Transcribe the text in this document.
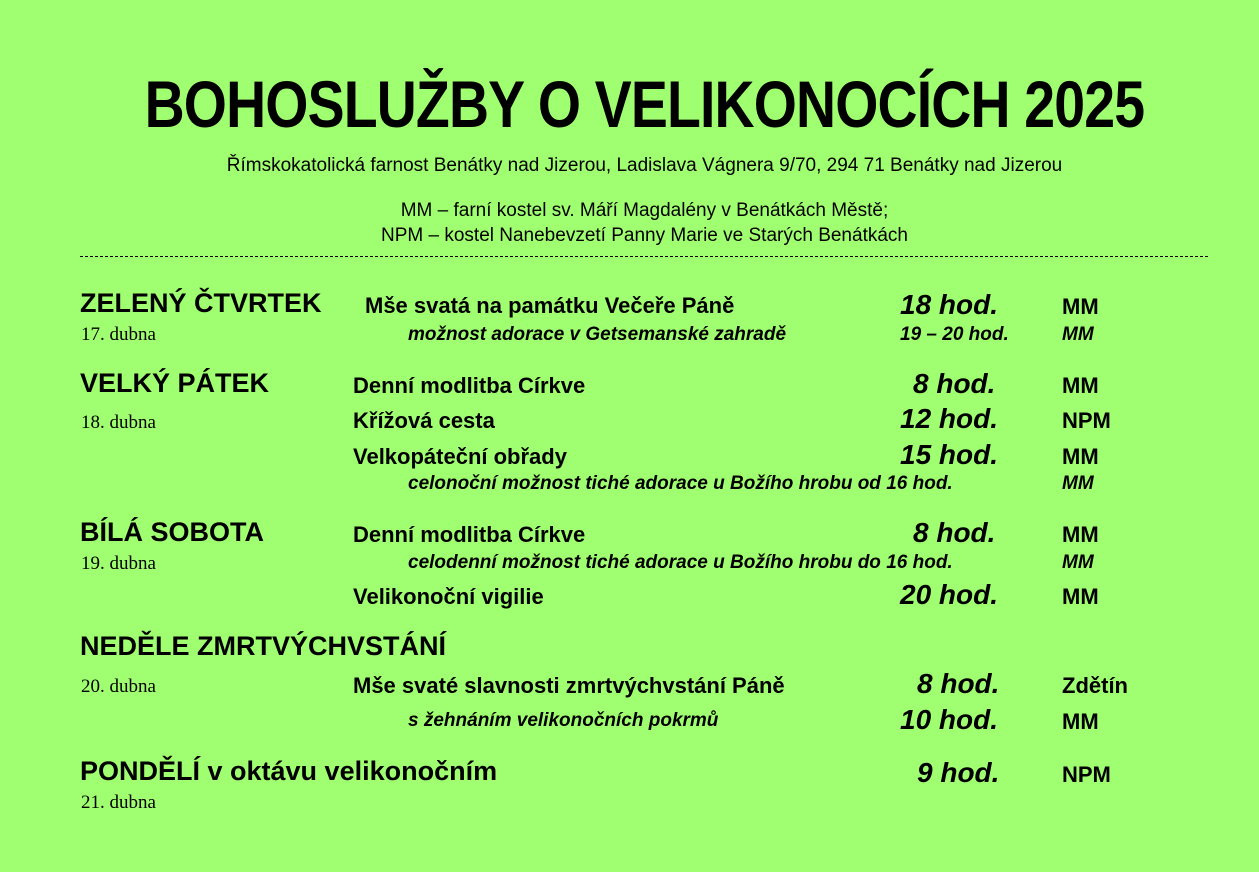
BOHOSLUŽBY O VELIKONOCÍCH 2025
Římskokatolická farnost Benátky nad Jizerou, Ladislava Vágnera 9/70, 294 71 Benátky nad Jizerou
MM – farní kostel sv. Máří Magdalény v Benátkách Městě;
NPM – kostel Nanebevzetí Panny Marie ve Starých Benátkách
ZELENÝ ČTVRTEK
17. dubna
Mše svatá na památku Večeře Páně	18 hod.	MM
možnost adorace v Getsemanské zahradě	19 – 20 hod.	MM
VELKÝ PÁTEK
18. dubna
Denní modlitba Církve	8 hod.	MM
Křížová cesta	12 hod.	NPM
Velkopáteční obřady	15 hod.	MM
celonoční možnost tiché adorace u Božího hrobu od 16 hod.	MM
BÍLÁ SOBOTA
19. dubna
Denní modlitba Církve	8 hod.	MM
celodenní možnost tiché adorace u Božího hrobu do 16 hod.	MM
Velikonoční vigilie	20 hod.	MM
NEDĚLE ZMRTVÝCHVSTÁNÍ
20. dubna	Mše svaté slavnosti zmrtvýchvstání Páně	8 hod.	Zdětín
s žehnáním velikonočních pokrmů	10 hod.	MM
PONDĚLÍ v oktávu velikonočním
21. dubna
9 hod.	NPM
